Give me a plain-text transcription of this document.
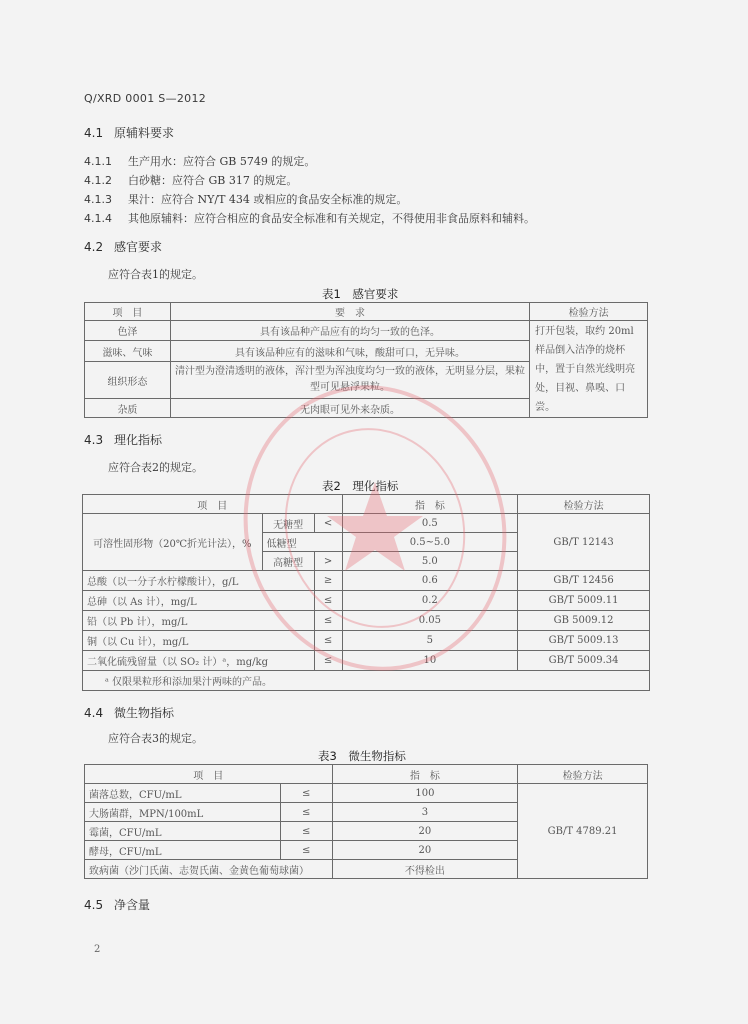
Q/XRD 0001 S—2012
4.1 原辅料要求
4.1.1 生产用水：应符合 GB 5749 的规定。
4.1.2 白砂糖：应符合 GB 317 的规定。
4.1.3 果汁：应符合 NY/T 434 或相应的食品安全标准的规定。
4.1.4 其他原辅料：应符合相应的食品安全标准和有关规定，不得使用非食品原料和辅料。
4.2 感官要求
应符合表1的规定。
表1　感官要求
项　目	要　求	检验方法
色泽	具有该品种产品应有的均匀一致的色泽。	打开包装，取约 20ml 样品倒入洁净的烧杯中，置于自然光线明亮处，目视、鼻嗅、口尝。
滋味、气味	具有该品种应有的滋味和气味，酸甜可口，无异味。	
组织形态	清汁型为澄清透明的液体，浑汁型为浑浊度均匀一致的液体，无明显分层，果粒型可见悬浮果粒。	
杂质	无肉眼可见外来杂质。	
4.3 理化指标
应符合表2的规定。
表2　理化指标
项　目			指　标	检验方法
可溶性固形物（20℃折光计法），%	无糖型	<	0.5	GB/T 12143
	低糖型		0.5~5.0	
	高糖型	>	5.0	
总酸（以一分子水柠檬酸计），g/L		≥	0.6	GB/T 12456
总砷（以 As 计），mg/L		≤	0.2	GB/T 5009.11
铅（以 Pb 计），mg/L		≤	0.05	GB 5009.12
铜（以 Cu 计），mg/L		≤	5	GB/T 5009.13
二氧化硫残留量（以 SO₂ 计）ᵃ，mg/kg		≤	10	GB/T 5009.34
ᵃ 仅限果粒形和添加果汁两味的产品。				
4.4 微生物指标
应符合表3的规定。
表3　微生物指标
项　目		指　标	检验方法
菌落总数，CFU/mL	≤	100	GB/T 4789.21
大肠菌群，MPN/100mL	≤	3	
霉菌，CFU/mL	≤	20	
酵母，CFU/mL	≤	20	
致病菌（沙门氏菌、志贺氏菌、金黄色葡萄球菌）		不得检出	
4.5 净含量
2
